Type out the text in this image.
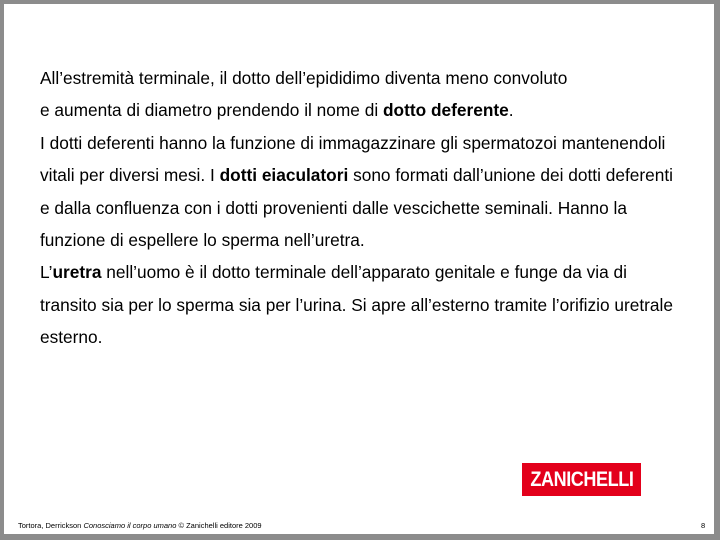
All’estremità terminale, il dotto dell’epididimo diventa meno convoluto
e aumenta di diametro prendendo il nome di dotto deferente.

I dotti deferenti hanno la funzione di immagazzinare gli spermatozoi mantenendoli vitali per diversi mesi. I dotti eiaculatori sono formati dall’unione dei dotti deferenti e dalla confluenza con i dotti provenienti dalle vescichette seminali. Hanno la funzione di espellere lo sperma nell’uretra.

L’uretra nell’uomo è il dotto terminale dell’apparato genitale e funge da via di transito sia per lo sperma sia per l’urina. Si apre all’esterno tramite l’orifizio uretrale esterno.

ZANICHELLI
Tortora, Derrickson Conosciamo il corpo umano © Zanichelli editore 2009	8
